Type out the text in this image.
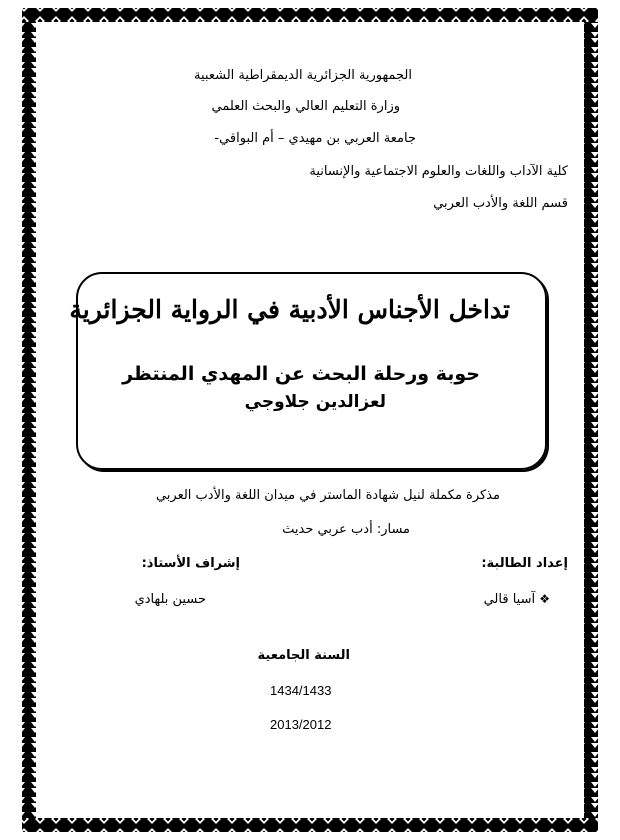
الجمهورية الجزائرية الديمقراطية الشعبية
وزارة التعليم العالي والبحث العلمي
جامعة العربي بن مهيدي – أم البواقي-
كلية الآداب واللغات والعلوم الاجتماعية والإنسانية
قسم اللغة والأدب العربي
تداخل الأجناس الأدبية في الرواية الجزائرية
حوبة ورحلة البحث عن المهدي المنتظر
لعزالدين جلاوجي
مذكرة مكملة لنيل شهادة الماستر في ميدان اللغة والأدب العربي
مسار: أدب عربي حديث
إعداد الطالبة:
إشراف الأستاذ:
❖ آسيا قالي
حسين بلهادي
السنة الجامعية
1434/1433
2013/2012
